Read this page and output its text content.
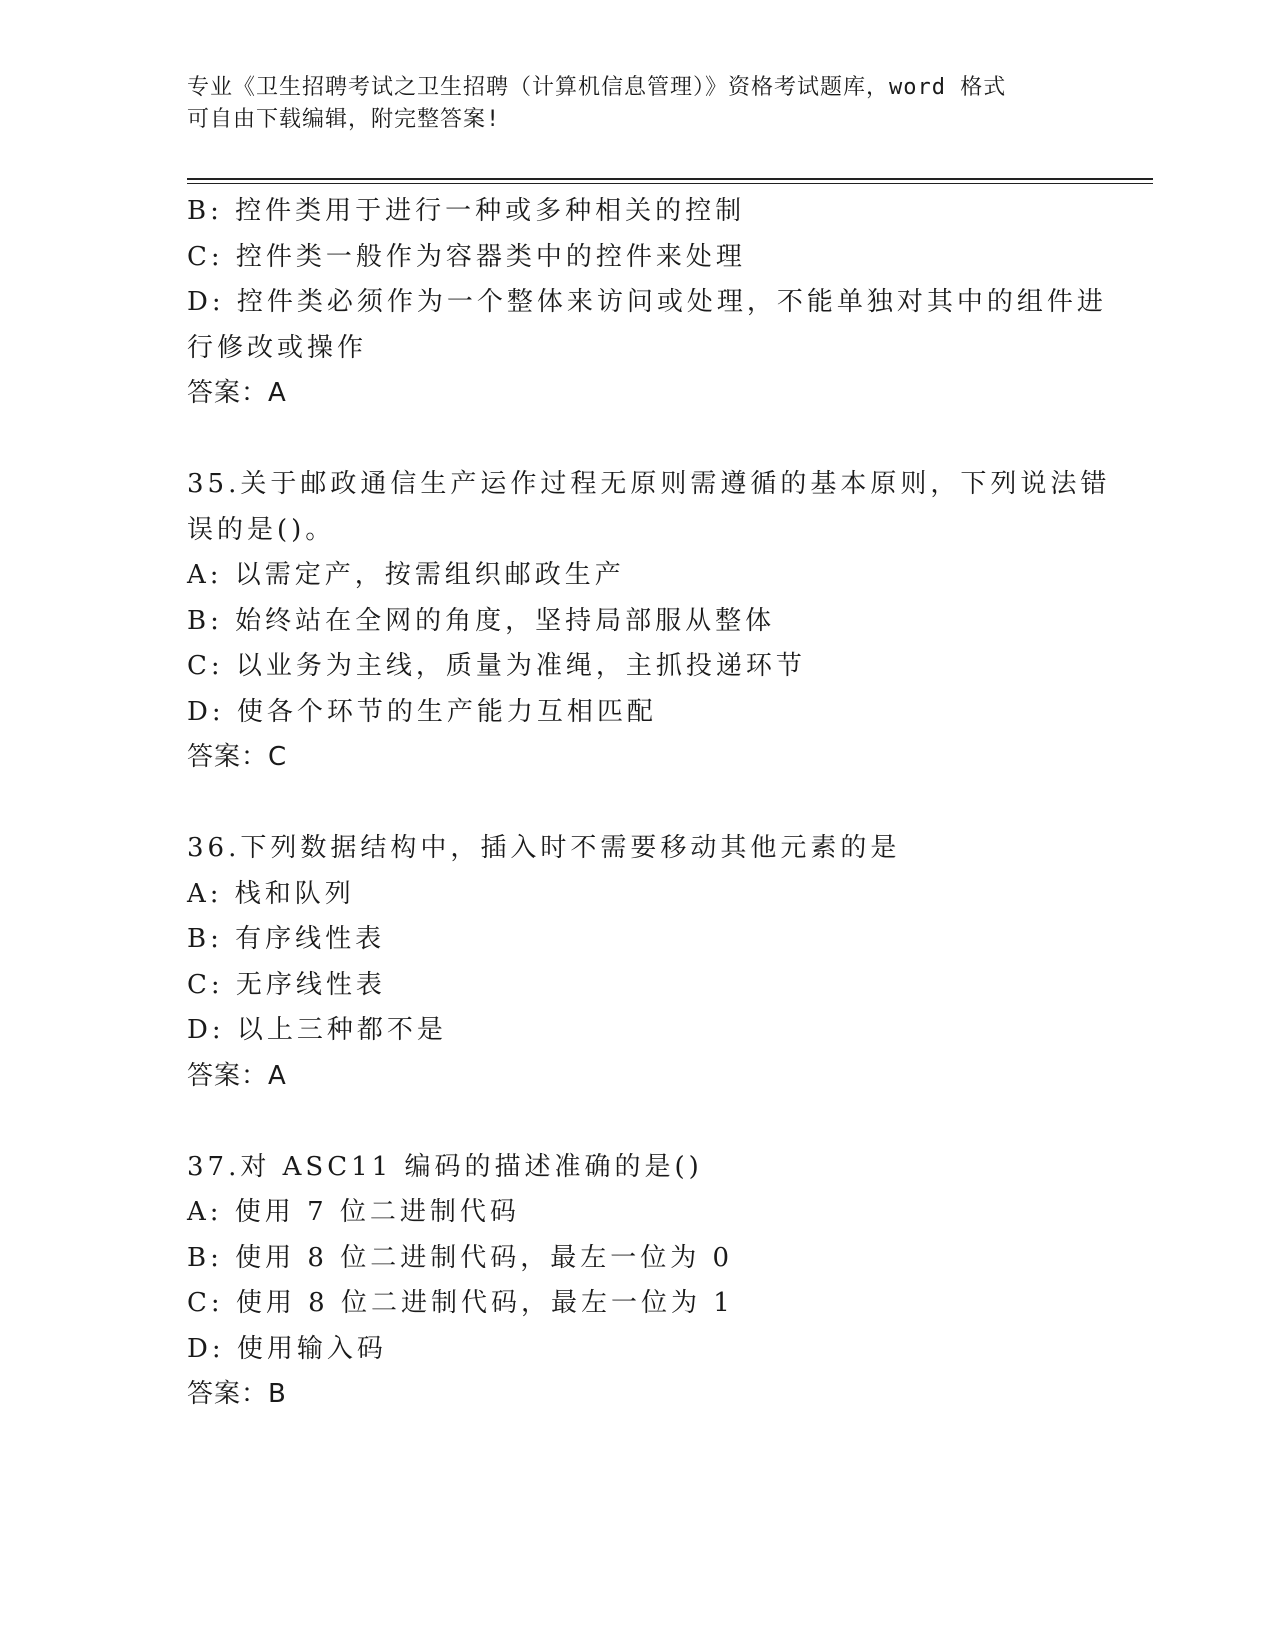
专业《卫生招聘考试之卫生招聘（计算机信息管理）》资格考试题库，word 格式
可自由下载编辑，附完整答案!
B: 控件类用于进行一种或多种相关的控制
C: 控件类一般作为容器类中的控件来处理
D: 控件类必须作为一个整体来访问或处理，不能单独对其中的组件进
行修改或操作
答案：A
35.关于邮政通信生产运作过程无原则需遵循的基本原则，下列说法错
误的是()。
A: 以需定产，按需组织邮政生产
B: 始终站在全网的角度，坚持局部服从整体
C: 以业务为主线，质量为准绳，主抓投递环节
D: 使各个环节的生产能力互相匹配
答案：C
36.下列数据结构中，插入时不需要移动其他元素的是
A: 栈和队列
B: 有序线性表
C: 无序线性表
D: 以上三种都不是
答案：A
37.对 ASC11 编码的描述准确的是()
A: 使用 7 位二进制代码
B: 使用 8 位二进制代码，最左一位为 0
C: 使用 8 位二进制代码，最左一位为 1
D: 使用输入码
答案：B
